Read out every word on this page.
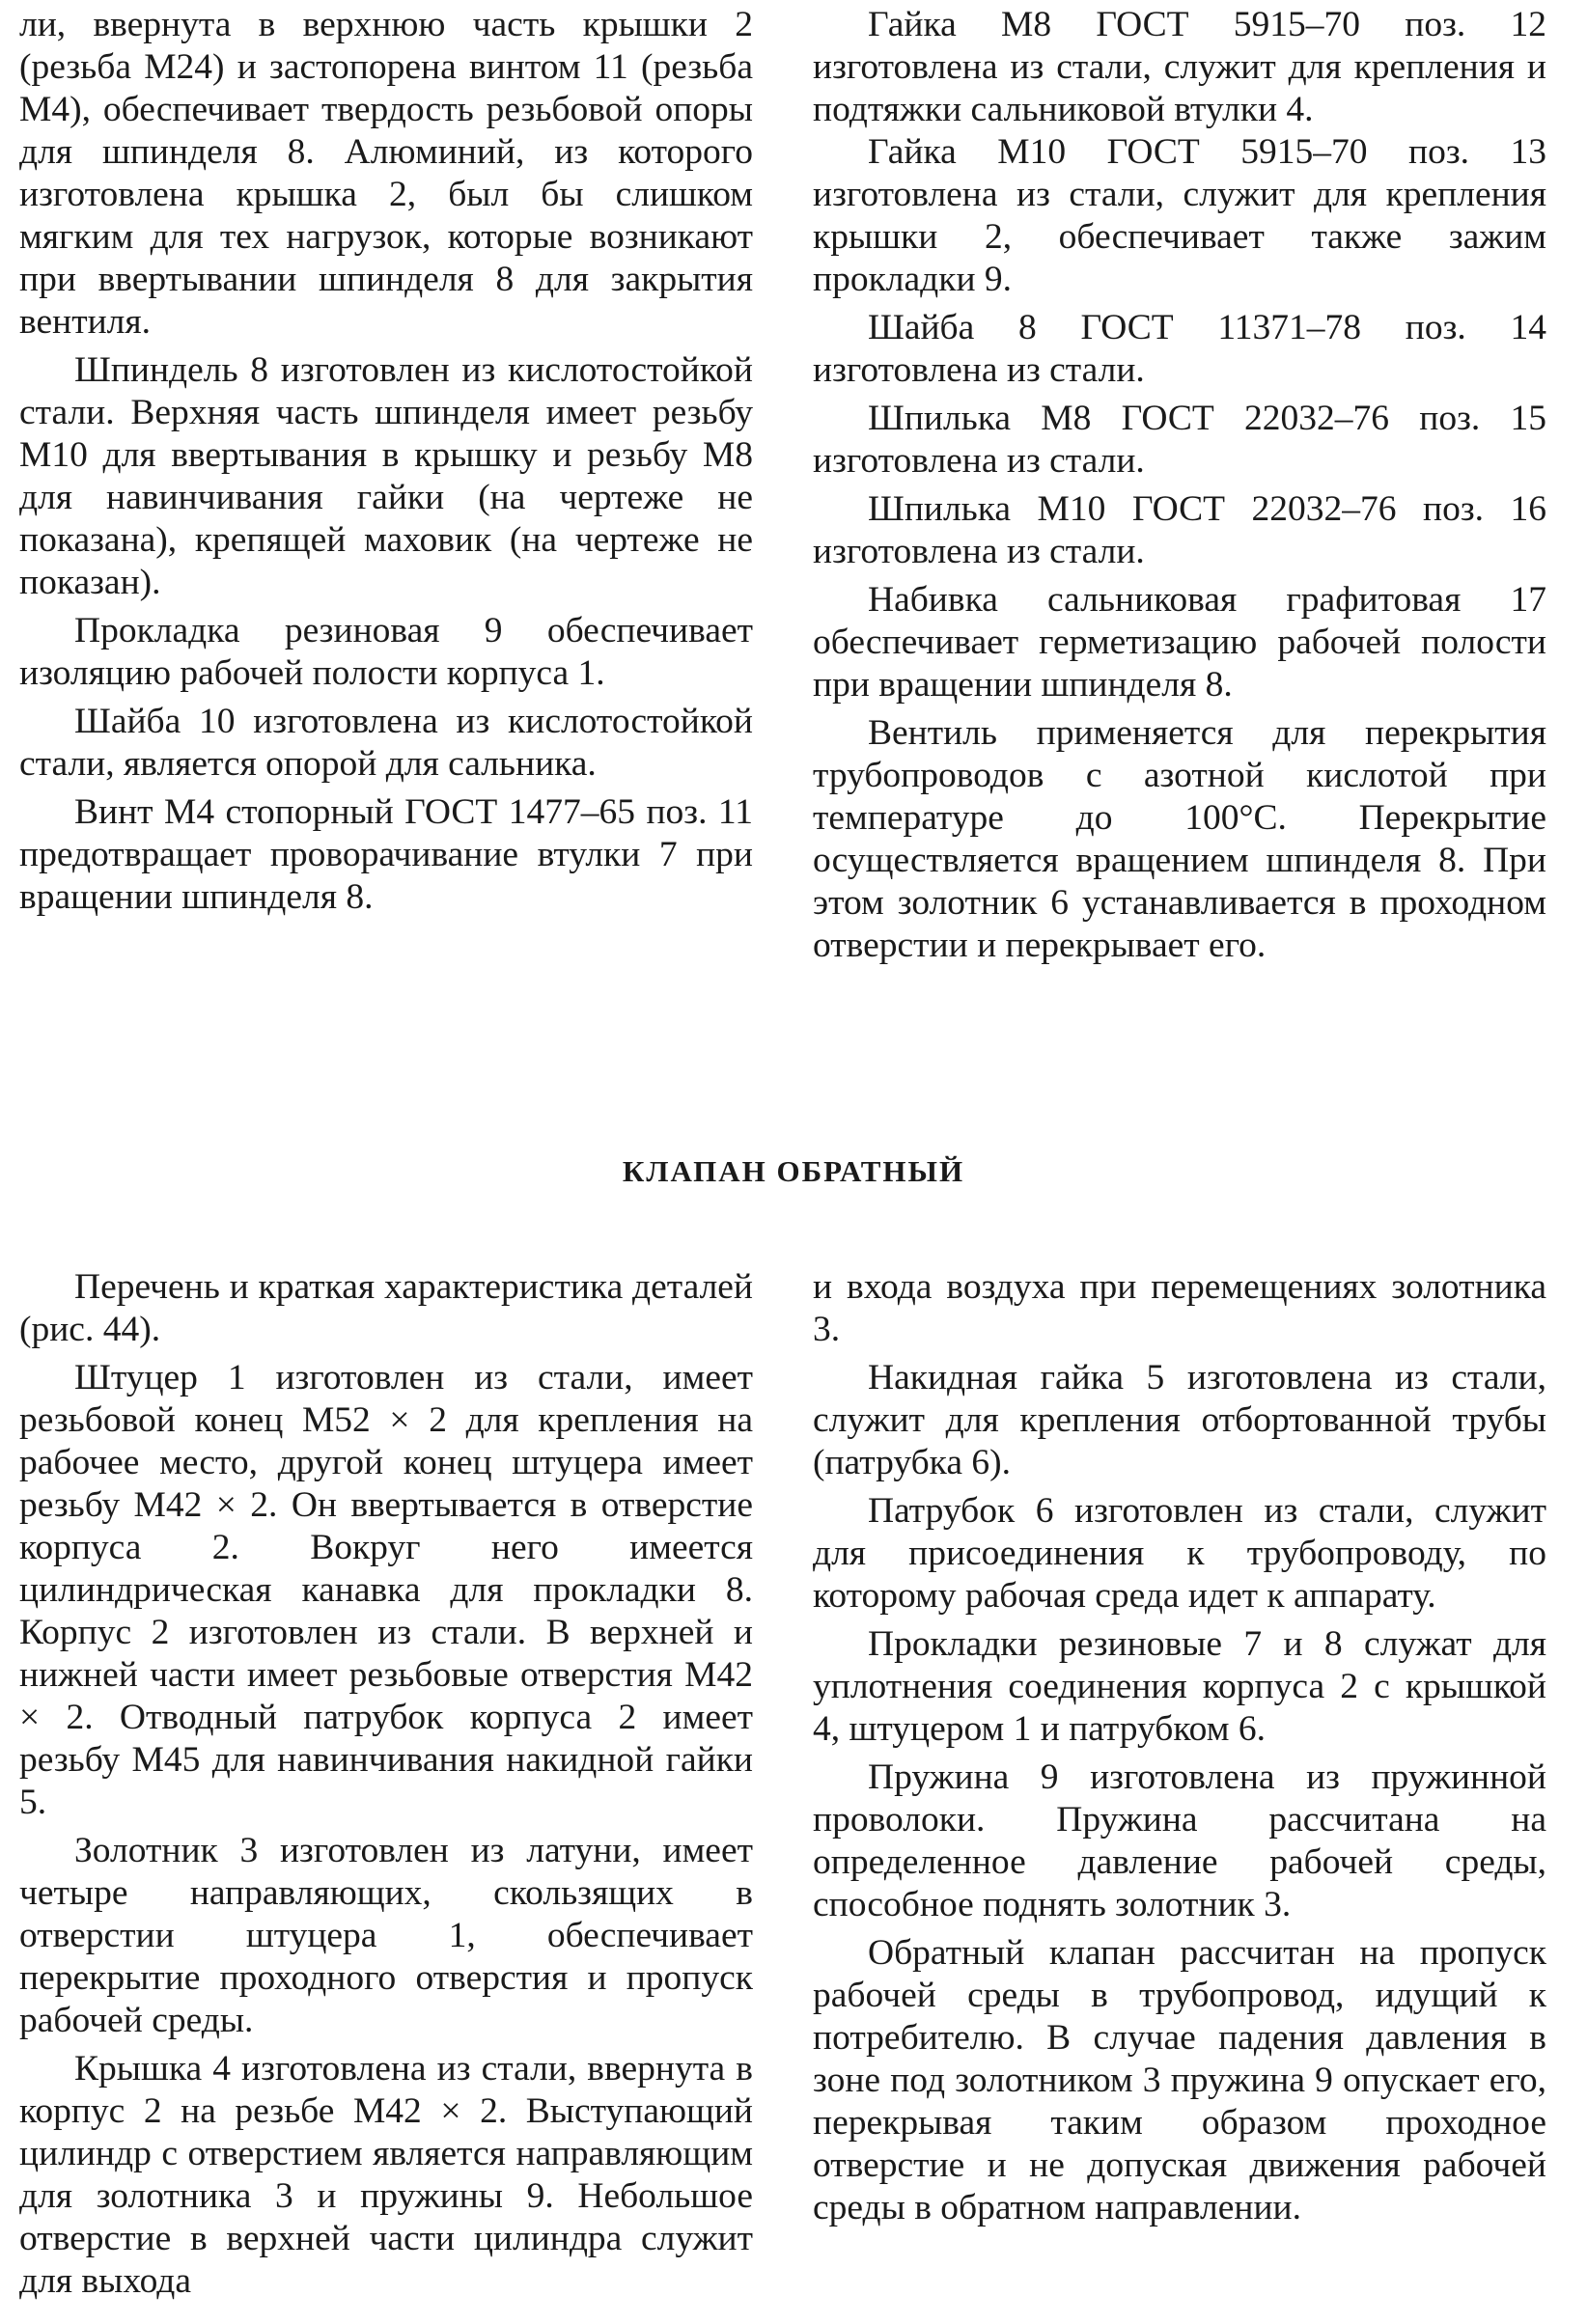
ли, ввернута в верхнюю часть крышки 2 (резьба М24) и застопорена винтом 11 (резьба М4), обеспечивает твердость резьбовой опоры для шпинделя 8. Алюминий, из которого изготовлена крышка 2, был бы слишком мягким для тех нагрузок, которые возникают при ввертывании шпинделя 8 для закрытия вентиля.

Шпиндель 8 изготовлен из кислотостойкой стали. Верхняя часть шпинделя имеет резьбу М10 для ввертывания в крышку и резьбу М8 для навинчивания гайки (на чертеже не показана), крепящей маховик (на чертеже не показан).

Прокладка резиновая 9 обеспечивает изоляцию рабочей полости корпуса 1.

Шайба 10 изготовлена из кислотостойкой стали, является опорой для сальника.

Винт М4 стопорный ГОСТ 1477–65 поз. 11 предотвращает проворачивание втулки 7 при вращении шпинделя 8.

Гайка М8 ГОСТ 5915–70 поз. 12 изготовлена из стали, служит для крепления и подтяжки сальниковой втулки 4.

Гайка М10 ГОСТ 5915–70 поз. 13 изготовлена из стали, служит для крепления крышки 2, обеспечивает также зажим прокладки 9.

Шайба 8 ГОСТ 11371–78 поз. 14 изготовлена из стали.

Шпилька М8 ГОСТ 22032–76 поз. 15 изготовлена из стали.

Шпилька М10 ГОСТ 22032–76 поз. 16 изготовлена из стали.

Набивка сальниковая графитовая 17 обеспечивает герметизацию рабочей полости при вращении шпинделя 8.

Вентиль применяется для перекрытия трубопроводов с азотной кислотой при температуре до 100°С. Перекрытие осуществляется вращением шпинделя 8. При этом золотник 6 устанавливается в проходном отверстии и перекрывает его.

КЛАПАН ОБРАТНЫЙ

Перечень и краткая характеристика деталей (рис. 44).

Штуцер 1 изготовлен из стали, имеет резьбовой конец М52 × 2 для крепления на рабочее место, другой конец штуцера имеет резьбу М42 × 2. Он ввертывается в отверстие корпуса 2. Вокруг него имеется цилиндрическая канавка для прокладки 8. Корпус 2 изготовлен из стали. В верхней и нижней части имеет резьбовые отверстия М42 × 2. Отводный патрубок корпуса 2 имеет резьбу М45 для навинчивания накидной гайки 5.

Золотник 3 изготовлен из латуни, имеет четыре направляющих, скользящих в отверстии штуцера 1, обеспечивает перекрытие проходного отверстия и пропуск рабочей среды.

Крышка 4 изготовлена из стали, ввернута в корпус 2 на резьбе М42 × 2. Выступающий цилиндр с отверстием является направляющим для золотника 3 и пружины 9. Небольшое отверстие в верхней части цилиндра служит для выхода

и входа воздуха при перемещениях золотника 3.

Накидная гайка 5 изготовлена из стали, служит для крепления отбортованной трубы (патрубка 6).

Патрубок 6 изготовлен из стали, служит для присоединения к трубопроводу, по которому рабочая среда идет к аппарату.

Прокладки резиновые 7 и 8 служат для уплотнения соединения корпуса 2 с крышкой 4, штуцером 1 и патрубком 6.

Пружина 9 изготовлена из пружинной проволоки. Пружина рассчитана на определенное давление рабочей среды, способное поднять золотник 3.

Обратный клапан рассчитан на пропуск рабочей среды в трубопровод, идущий к потребителю. В случае падения давления в зоне под золотником 3 пружина 9 опускает его, перекрывая таким образом проходное отверстие и не допуская движения рабочей среды в обратном направлении.
